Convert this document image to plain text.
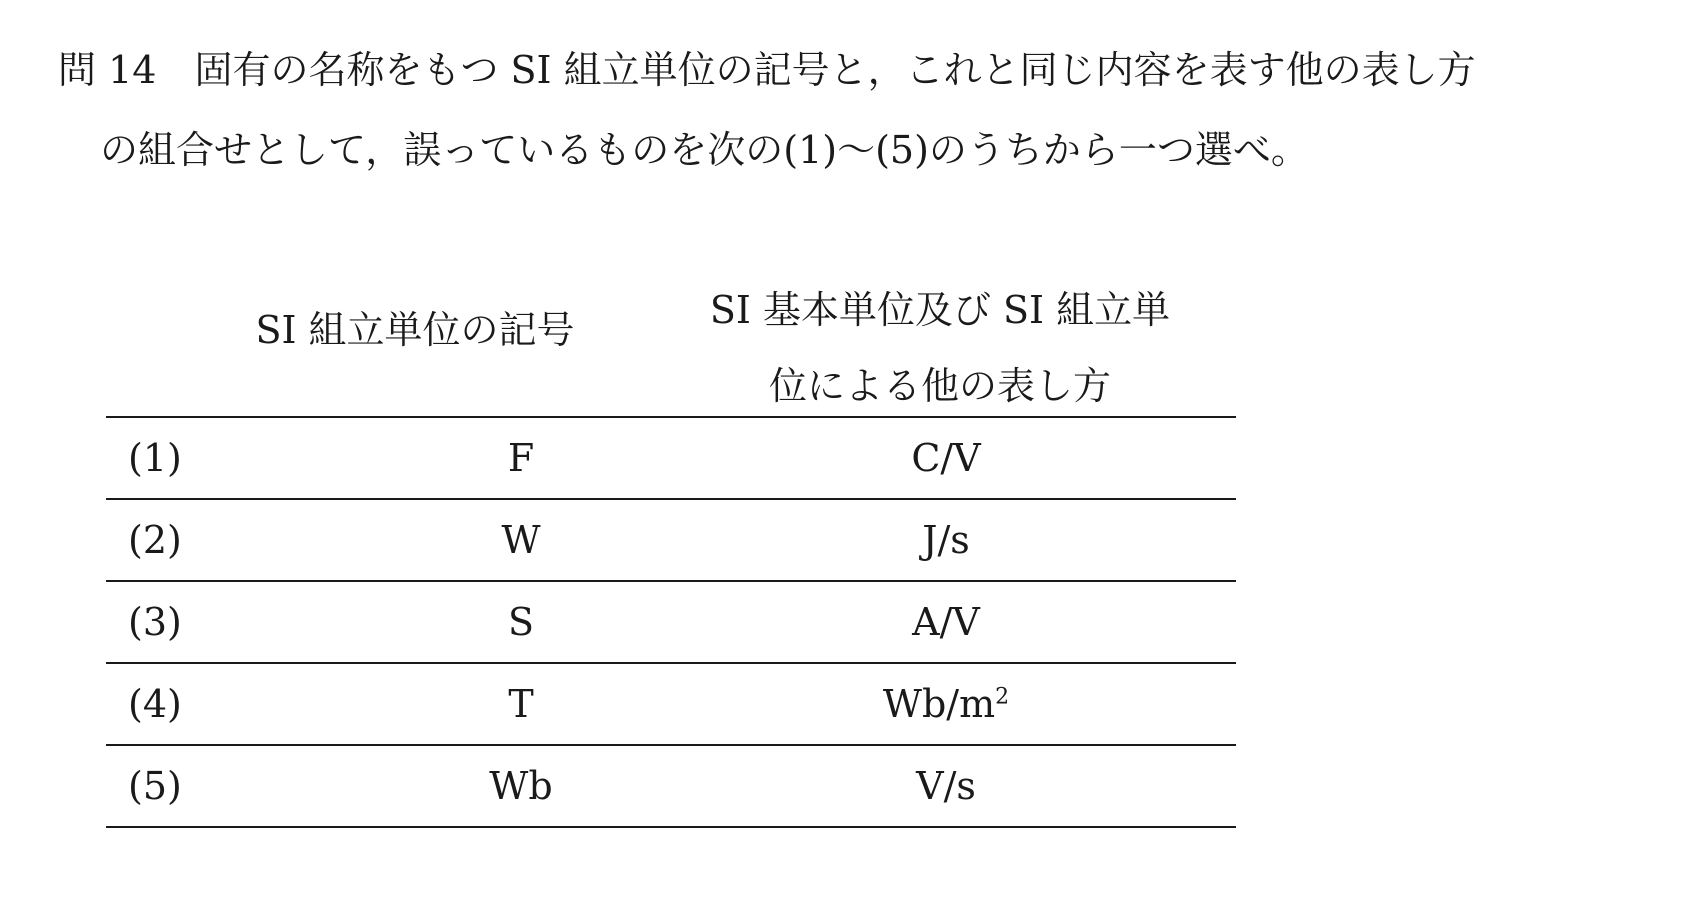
問 14 固有の名称をもつ SI 組立単位の記号と，これと同じ内容を表す他の表し方
の組合せとして，誤っているものを次の(1)～(5)のうちから一つ選べ。
SI 組立単位の記号	SI 基本単位及び SI 組立単
位による他の表し方
(1)	F	C/V
(2)	W	J/s
(3)	S	A/V
(4)	T	$Wb/m^2$
(5)	Wb	V/s
